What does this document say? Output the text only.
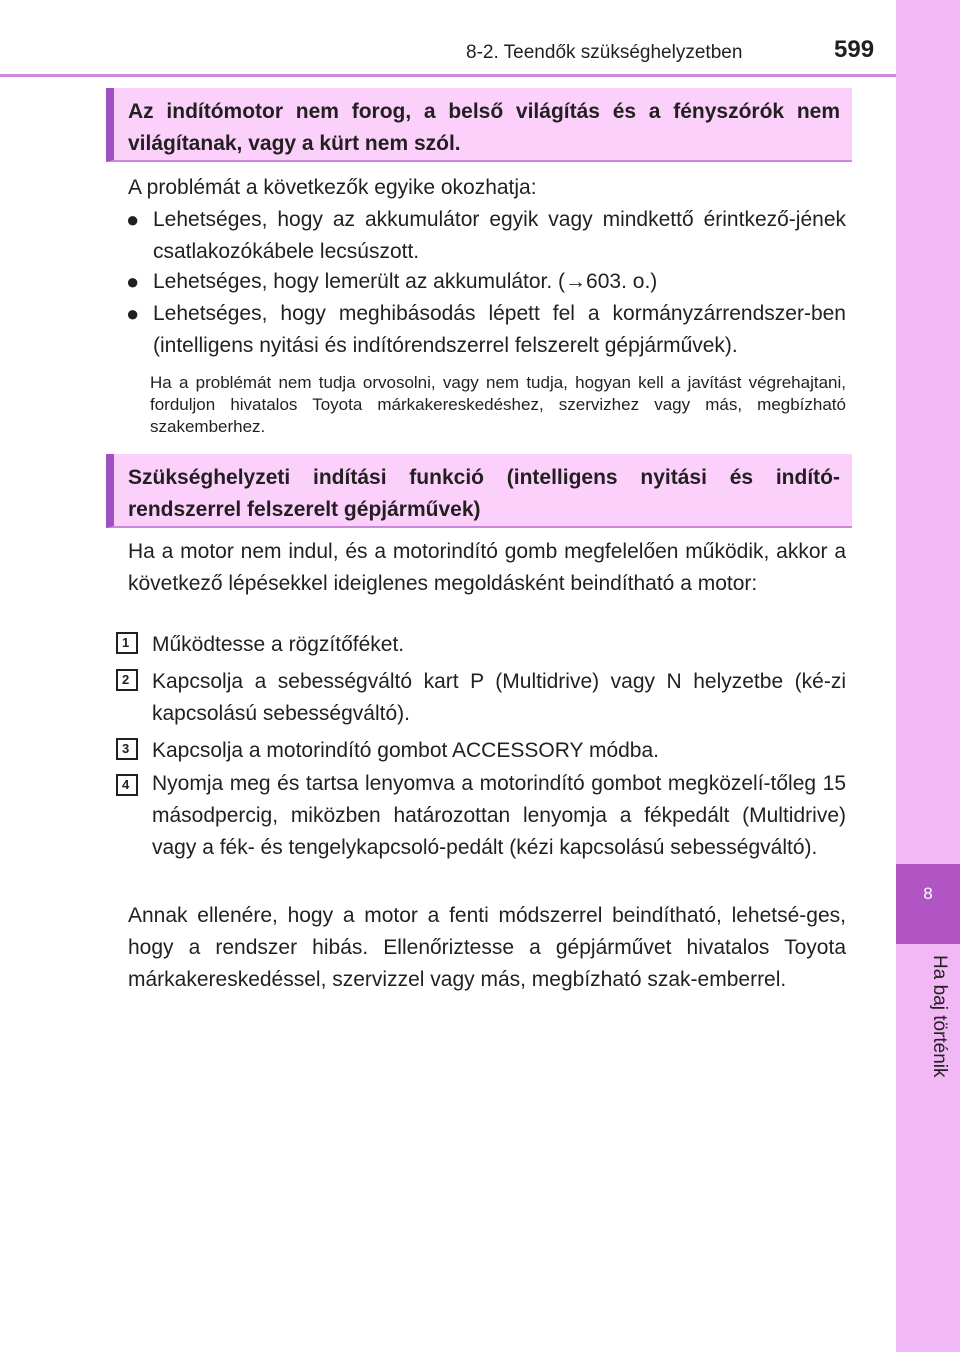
8-2. Teendők szükséghelyzetben	599
8
Ha baj történik
Az indítómotor nem forog, a belső világítás és a fényszórók nem világítanak, vagy a kürt nem szól.
A problémát a következők egyike okozhatja:
● Lehetséges, hogy az akkumulátor egyik vagy mindkettő érintkező-jének csatlakozókábele lecsúszott.
● Lehetséges, hogy lemerült az akkumulátor. (→603. o.)
● Lehetséges, hogy meghibásodás lépett fel a kormányzárrendszer-ben (intelligens nyitási és indítórendszerrel felszerelt gépjárművek).
Ha a problémát nem tudja orvosolni, vagy nem tudja, hogyan kell a javítást végrehajtani, forduljon hivatalos Toyota márkakereskedéshez, szervizhez vagy más, megbízható szakemberhez.
Szükséghelyzeti indítási funkció (intelligens nyitási és indító-rendszerrel felszerelt gépjárművek)
Ha a motor nem indul, és a motorindító gomb megfelelően működik, akkor a következő lépésekkel ideiglenes megoldásként beindítható a motor:
1	Működtesse a rögzítőféket.
2	Kapcsolja a sebességváltó kart P (Multidrive) vagy N helyzetbe (ké-zi kapcsolású sebességváltó).
3	Kapcsolja a motorindító gombot ACCESSORY módba.
4	Nyomja meg és tartsa lenyomva a motorindító gombot megközelí-tőleg 15 másodpercig, miközben határozottan lenyomja a fékpedált (Multidrive) vagy a fék- és tengelykapcsoló-pedált (kézi kapcsolású sebességváltó).
Annak ellenére, hogy a motor a fenti módszerrel beindítható, lehetsé-ges, hogy a rendszer hibás. Ellenőriztesse a gépjárművet hivatalos Toyota márkakereskedéssel, szervizzel vagy más, megbízható szak-emberrel.
